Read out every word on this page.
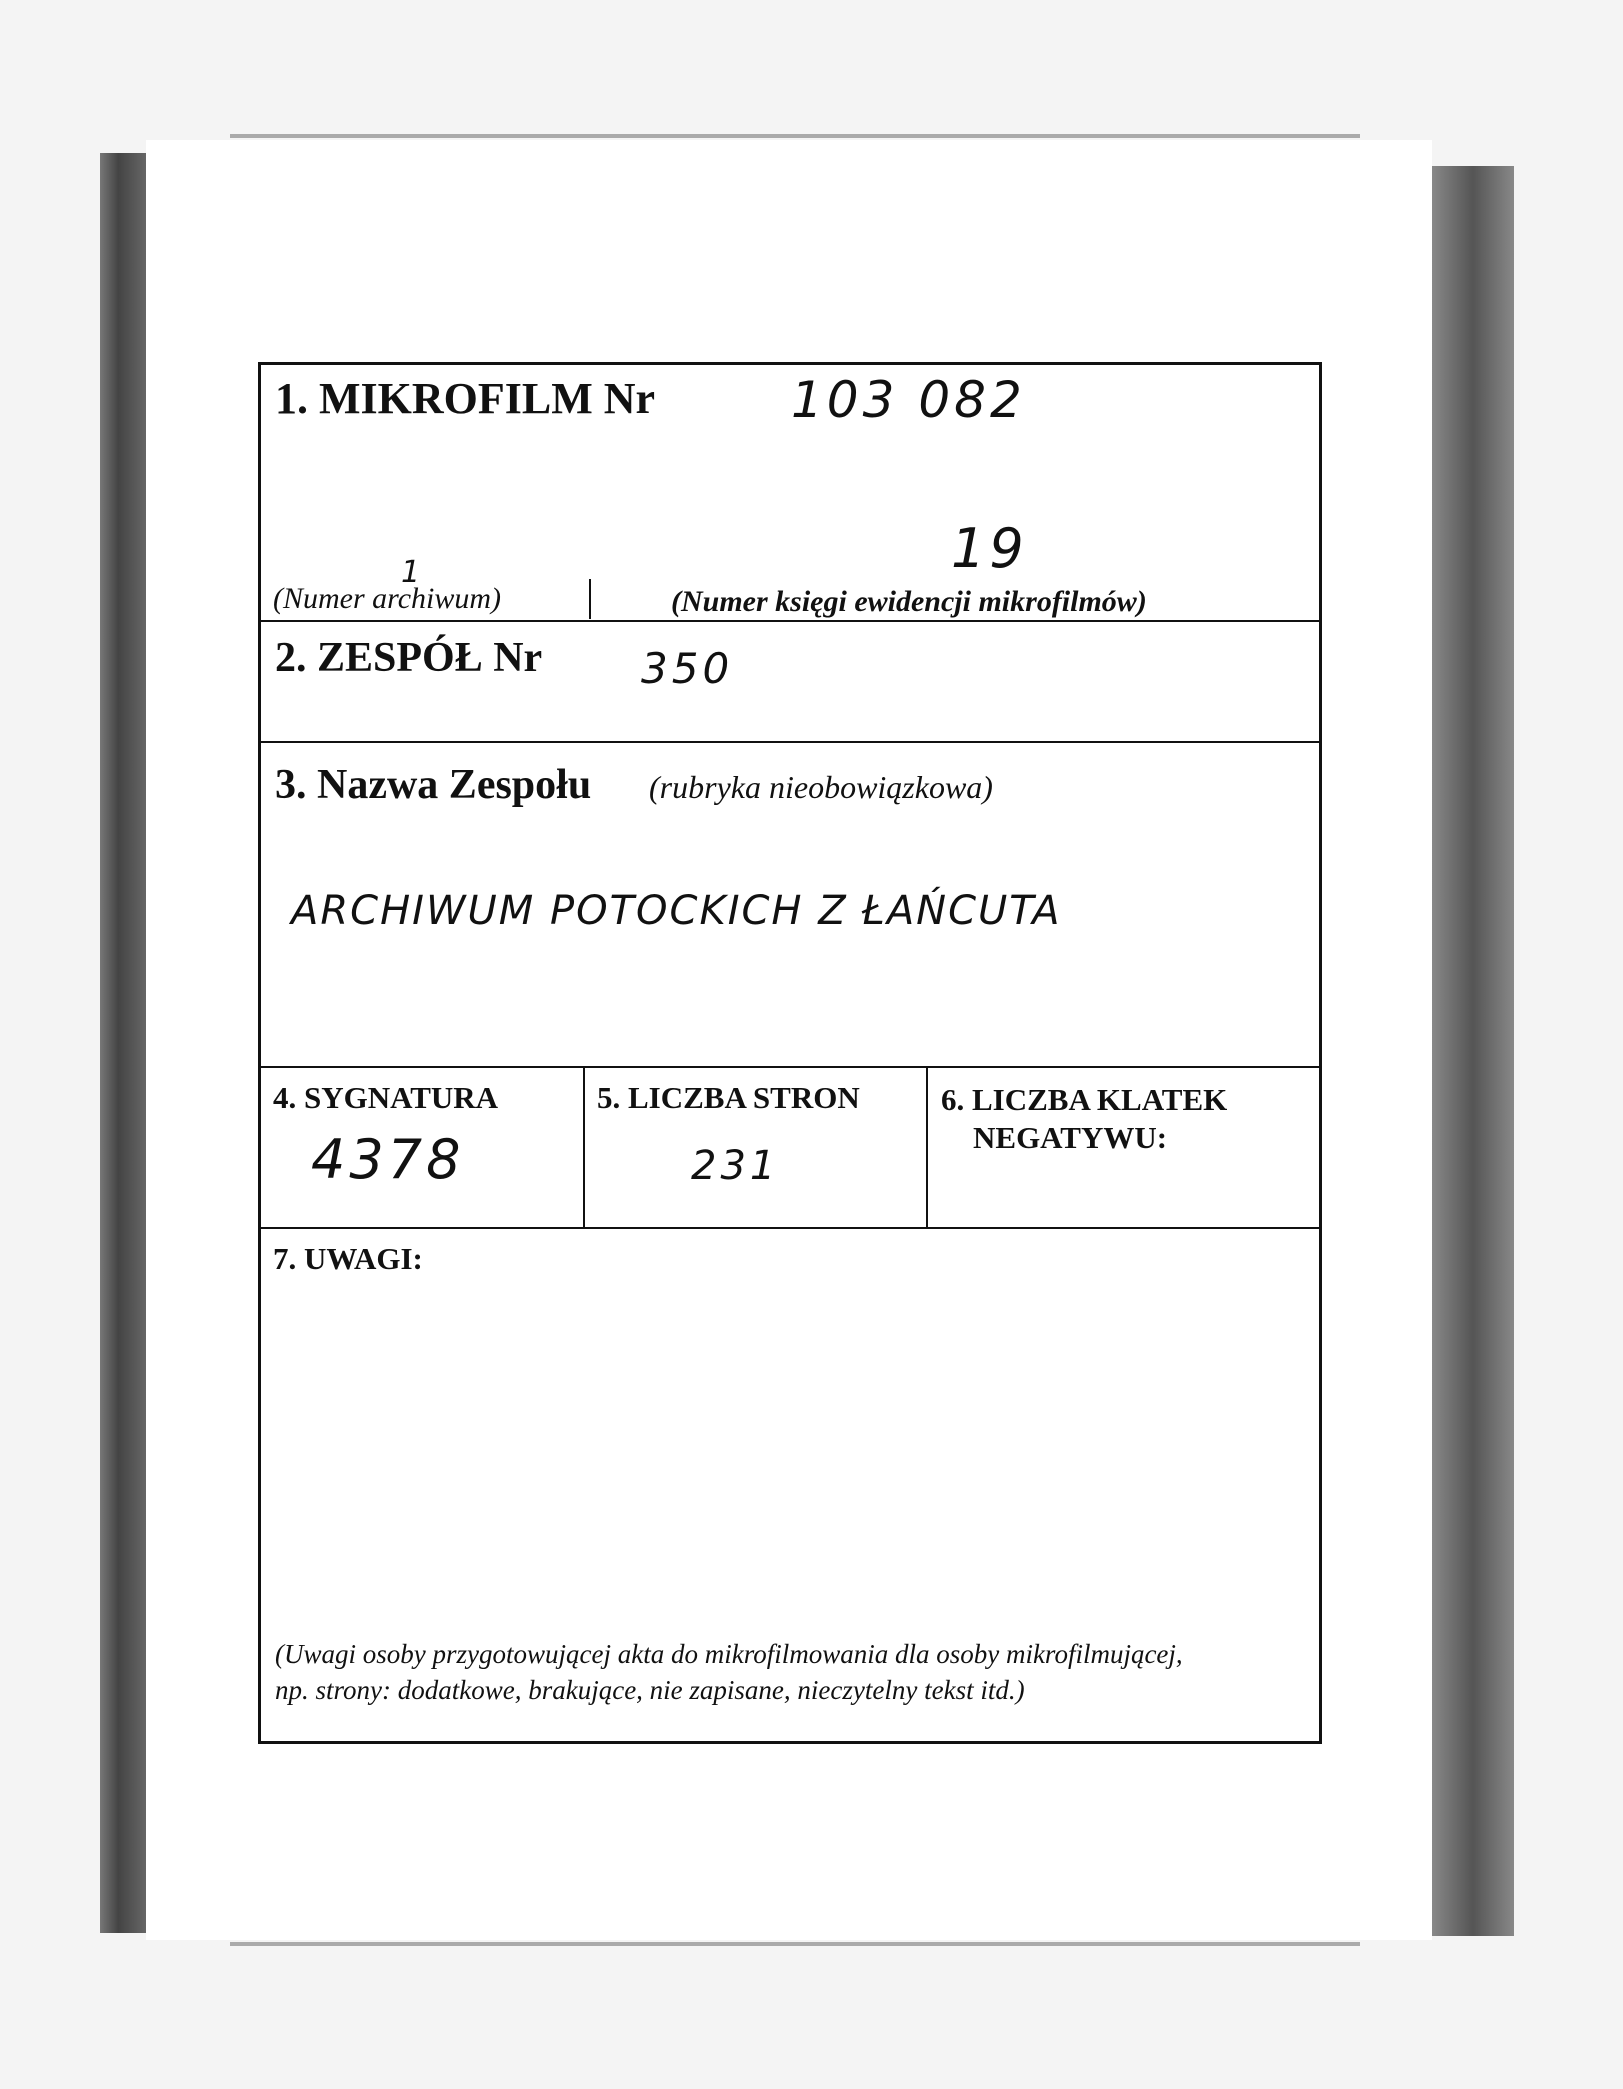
1. MIKROFILM Nr	103 082
1
(Numer archiwum)
19
(Numer księgi ewidencji mikrofilmów)
2. ZESPÓŁ Nr 350
3. Nazwa Zespołu (rubryka nieobowiązkowa)
ARCHIWUM POTOCKICH Z ŁAŃCUTA
4. SYGNATURA
4378
5. LICZBA STRON
231
6. LICZBA KLATEK
NEGATYWU:
7. UWAGI:
(Uwagi osoby przygotowującej akta do mikrofilmowania dla osoby mikrofilmującej,
np. strony: dodatkowe, brakujące, nie zapisane, nieczytelny tekst itd.)
